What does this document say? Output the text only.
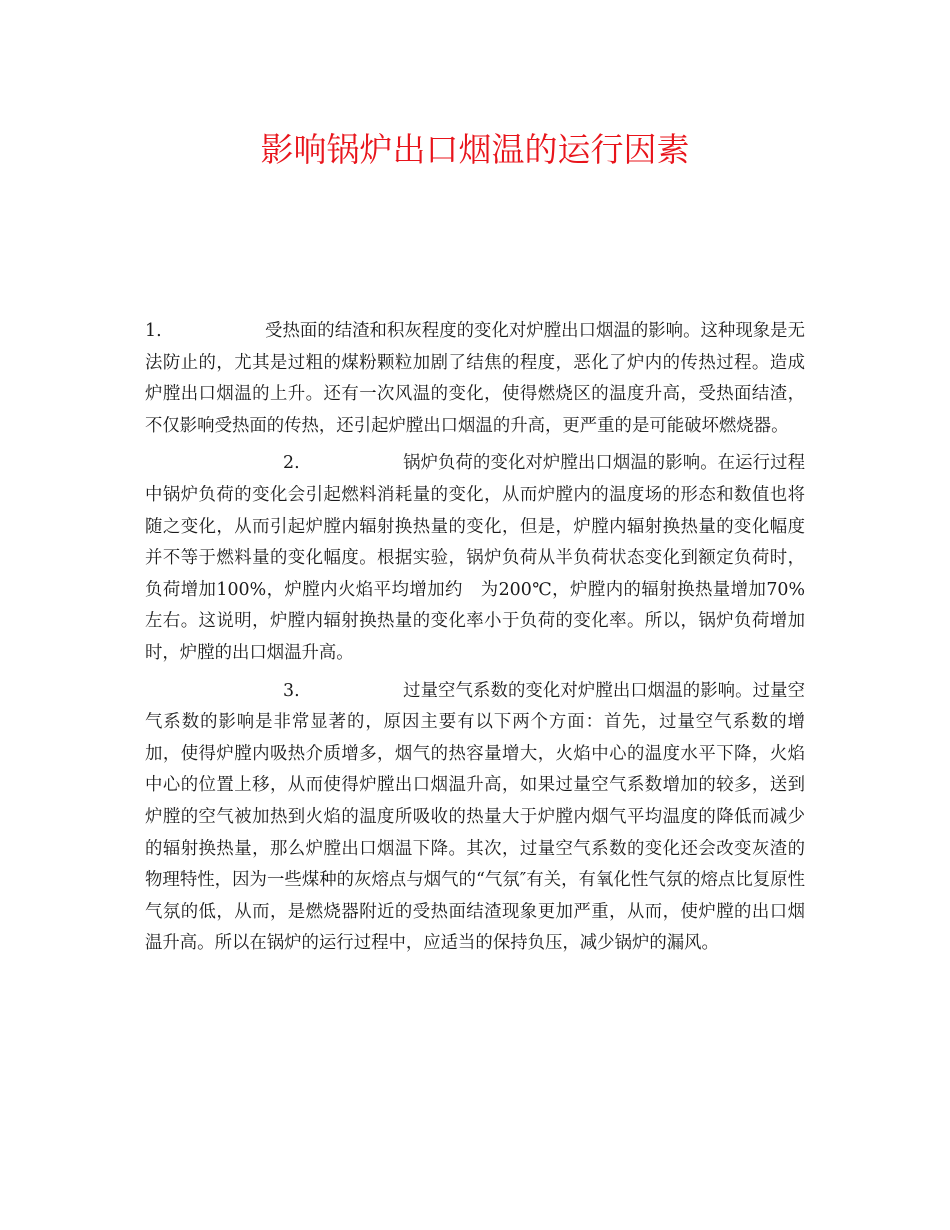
影响锅炉出口烟温的运行因素

1.	受热面的结渣和积灰程度的变化对炉膛出口烟温的影响。这种现象是无法防止的，尤其是过粗的煤粉颗粒加剧了结焦的程度，恶化了炉内的传热过程。造成炉膛出口烟温的上升。还有一次风温的变化，使得燃烧区的温度升高，受热面结渣，不仅影响受热面的传热，还引起炉膛出口烟温的升高，更严重的是可能破坏燃烧器。

2.	锅炉负荷的变化对炉膛出口烟温的影响。在运行过程中锅炉负荷的变化会引起燃料消耗量的变化，从而炉膛内的温度场的形态和数值也将随之变化，从而引起炉膛内辐射换热量的变化，但是，炉膛内辐射换热量的变化幅度并不等于燃料量的变化幅度。根据实验，锅炉负荷从半负荷状态变化到额定负荷时，负荷增加100%，炉膛内火焰平均增加约　为200℃，炉膛内的辐射换热量增加70%左右。这说明，炉膛内辐射换热量的变化率小于负荷的变化率。所以，锅炉负荷增加时，炉膛的出口烟温升高。

3.	过量空气系数的变化对炉膛出口烟温的影响。过量空气系数的影响是非常显著的，原因主要有以下两个方面：首先，过量空气系数的增加，使得炉膛内吸热介质增多，烟气的热容量增大，火焰中心的温度水平下降，火焰中心的位置上移，从而使得炉膛出口烟温升高，如果过量空气系数增加的较多，送到炉膛的空气被加热到火焰的温度所吸收的热量大于炉膛内烟气平均温度的降低而减少的辐射换热量，那么炉膛出口烟温下降。其次，过量空气系数的变化还会改变灰渣的物理特性，因为一些煤种的灰熔点与烟气的“气氛″有关，有氧化性气氛的熔点比复原性气氛的低，从而，是燃烧器附近的受热面结渣现象更加严重，从而，使炉膛的出口烟温升高。所以在锅炉的运行过程中，应适当的保持负压，减少锅炉的漏风。
